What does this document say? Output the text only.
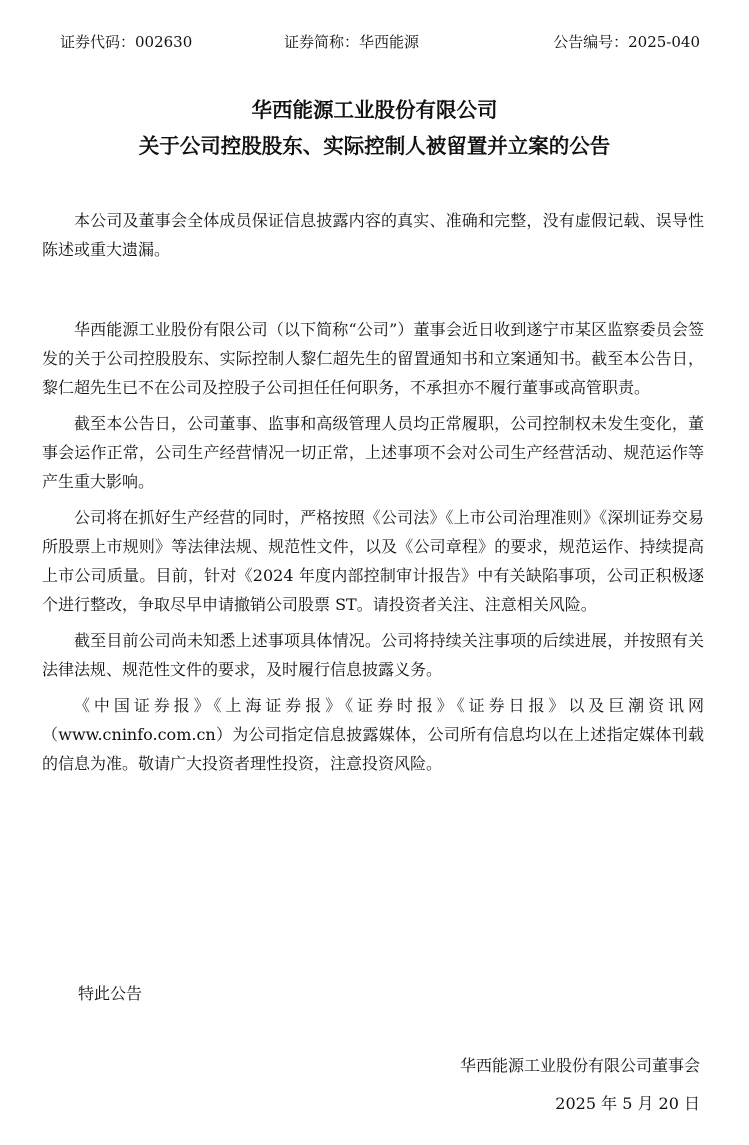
证券代码：002630	证券简称：华西能源	公告编号：2025-040
华西能源工业股份有限公司
关于公司控股股东、实际控制人被留置并立案的公告

本公司及董事会全体成员保证信息披露内容的真实、准确和完整，没有虚假记载、误导性陈述或重大遗漏。

华西能源工业股份有限公司（以下简称“公司”）董事会近日收到遂宁市某区监察委员会签发的关于公司控股股东、实际控制人黎仁超先生的留置通知书和立案通知书。截至本公告日，黎仁超先生已不在公司及控股子公司担任任何职务，不承担亦不履行董事或高管职责。

截至本公告日，公司董事、监事和高级管理人员均正常履职，公司控制权未发生变化，董事会运作正常，公司生产经营情况一切正常，上述事项不会对公司生产经营活动、规范运作等产生重大影响。

公司将在抓好生产经营的同时，严格按照《公司法》《上市公司治理准则》《深圳证券交易所股票上市规则》等法律法规、规范性文件，以及《公司章程》的要求，规范运作、持续提高上市公司质量。目前，针对《2024 年度内部控制审计报告》中有关缺陷事项，公司正积极逐个进行整改，争取尽早申请撤销公司股票 ST。请投资者关注、注意相关风险。

截至目前公司尚未知悉上述事项具体情况。公司将持续关注事项的后续进展，并按照有关法律法规、规范性文件的要求，及时履行信息披露义务。

《中国证券报》《上海证券报》《证券时报》《证券日报》以及巨潮资讯网（www.cninfo.com.cn）为公司指定信息披露媒体，公司所有信息均以在上述指定媒体刊载的信息为准。敬请广大投资者理性投资，注意投资风险。

特此公告
华西能源工业股份有限公司董事会
2025 年 5 月 20 日
